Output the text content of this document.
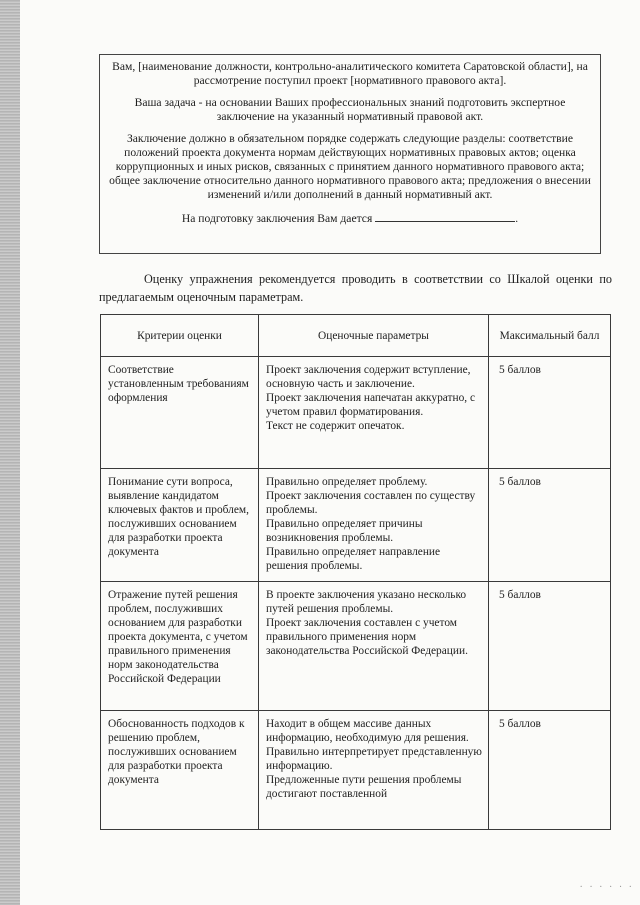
Вам, [наименование должности, контрольно-аналитического комитета Саратовской области], на рассмотрение поступил проект [нормативного правового акта].

Ваша задача - на основании Ваших профессиональных знаний подготовить экспертное заключение на указанный нормативный правовой акт.

Заключение должно в обязательном порядке содержать следующие разделы: соответствие положений проекта документа нормам действующих нормативных правовых актов; оценка коррупционных и иных рисков, связанных с принятием данного нормативного правового акта; общее заключение относительно данного нормативного правового акта; предложения о внесении изменений и/или дополнений в данный нормативный акт.

На подготовку заключения Вам дается	.

Оценку упражнения рекомендуется проводить в соответствии со Шкалой оценки по предлагаемым оценочным параметрам.
Критерии оценки	Оценочные параметры	Максимальный балл
Соответствие установленным требованиям оформления	Проект заключения содержит вступление, основную часть и заключение.
Проект заключения напечатан аккуратно, с учетом правил форматирования.
Текст не содержит опечаток.	5 баллов
Понимание сути вопроса, выявление кандидатом ключевых фактов и проблем, послуживших основанием для разработки проекта документа	Правильно определяет проблему.
Проект заключения составлен по существу проблемы.
Правильно определяет причины возникновения проблемы.
Правильно определяет направление решения проблемы.	5 баллов
Отражение путей решения проблем, послуживших основанием для разработки проекта документа, с учетом правильного применения норм законодательства Российской Федерации	В проекте заключения указано несколько путей решения проблемы.
Проект заключения составлен с учетом правильного применения норм законодательства Российской Федерации.	5 баллов
Обоснованность подходов к решению проблем, послуживших основанием для разработки проекта документа	Находит в общем массиве данных информацию, необходимую для решения.
Правильно интерпретирует представленную информацию.
Предложенные пути решения проблемы достигают поставленной	5 баллов
· · · · · ·
